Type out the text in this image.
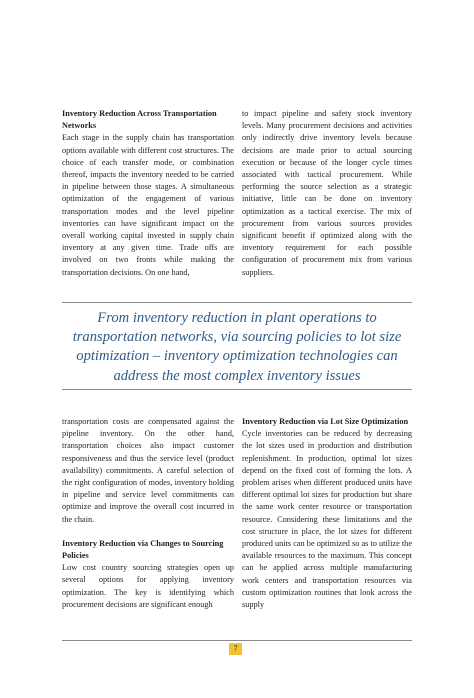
Inventory Reduction Across Transportation Networks

Each stage in the supply chain has transportation options available with different cost structures. The choice of each transfer mode, or combination thereof, impacts the inventory needed to be carried in pipeline between those stages. A simultaneous optimization of the engagement of various transportation modes and the level pipeline inventories can have significant impact on the overall working capital invested in supply chain inventory at any given time. Trade offs are involved on two fronts while making the transportation decisions. On one hand,

to impact pipeline and safety stock inventory levels. Many procurement decisions and activities only indirectly drive inventory levels because decisions are made prior to actual sourcing execution or because of the longer cycle times associated with tactical procurement. While performing the source selection as a strategic initiative, little can be done on inventory optimization as a tactical exercise. The mix of procurement from various sources provides significant benefit if optimized along with the inventory requirement for each possible configuration of procurement mix from various suppliers.

From inventory reduction in plant operations to transportation networks, via sourcing policies to lot size optimization – inventory optimization technologies can address the most complex inventory issues

transportation costs are compensated against the pipeline inventory. On the other hand, transportation choices also impact customer responsiveness and thus the service level (product availability) commitments. A careful selection of the right configuration of modes, inventory holding in pipeline and service level commitments can optimize and improve the overall cost incurred in the chain.

Inventory Reduction via Changes to Sourcing Policies

Low cost country sourcing strategies open up several options for applying inventory optimization. The key is identifying which procurement decisions are significant enough

Inventory Reduction via Lot Size Optimization

Cycle inventories can be reduced by decreasing the lot sizes used in production and distribution replenishment. In production, optimal lot sizes depend on the fixed cost of forming the lots. A problem arises when different produced units have different optimal lot sizes for production but share the same work center resource or transportation resource. Considering these limitations and the cost structure in place, the lot sizes for different produced units can be optimized so as to utilize the available resources to the maximum. This concept can be applied across multiple manufacturing work centers and transportation resources via custom optimization routines that look across the supply

7
